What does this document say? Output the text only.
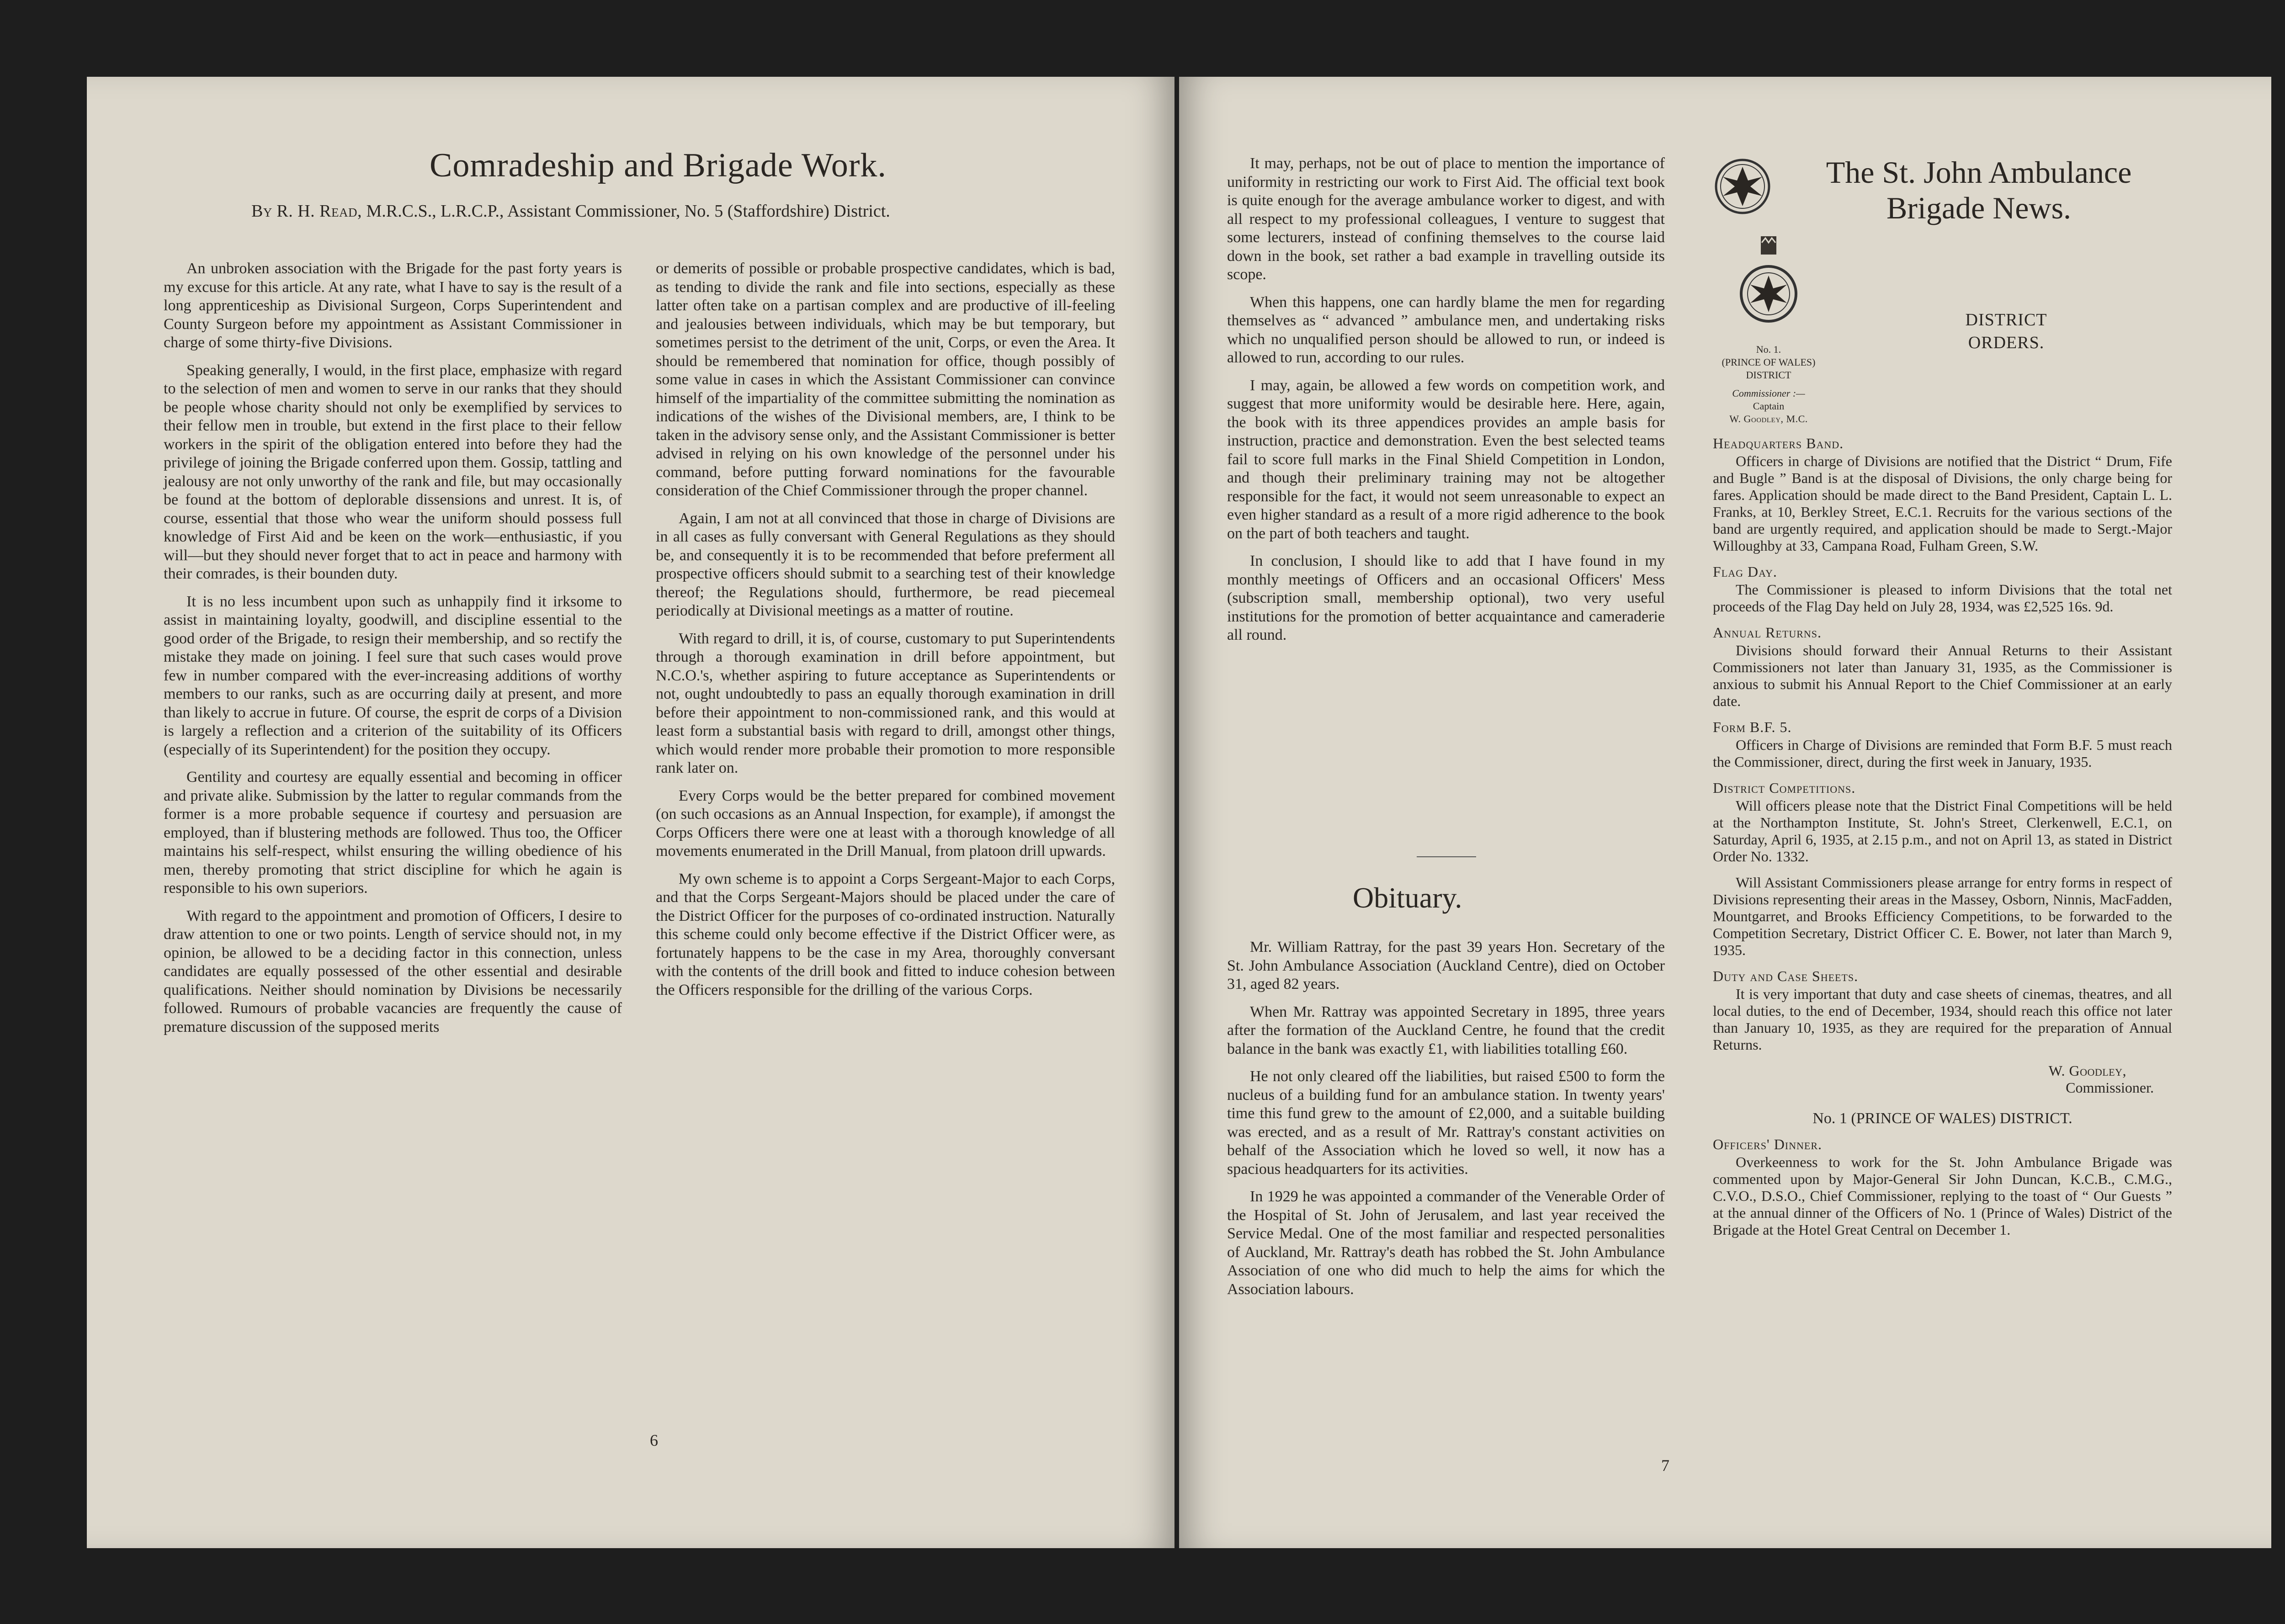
Comradeship and Brigade Work.
By R. H. Read, M.R.C.S., L.R.C.P., Assistant Commissioner, No. 5 (Staffordshire) District.

An unbroken association with the Brigade for the past forty years is my excuse for this article. At any rate, what I have to say is the result of a long apprenticeship as Divisional Surgeon, Corps Superintendent and County Surgeon before my appointment as Assistant Commissioner in charge of some thirty-five Divisions.

Speaking generally, I would, in the first place, emphasize with regard to the selection of men and women to serve in our ranks that they should be people whose charity should not only be exemplified by services to their fellow men in trouble, but extend in the first place to their fellow workers in the spirit of the obligation entered into before they had the privilege of joining the Brigade conferred upon them. Gossip, tattling and jealousy are not only unworthy of the rank and file, but may occasionally be found at the bottom of deplorable dissensions and unrest. It is, of course, essential that those who wear the uniform should possess full knowledge of First Aid and be keen on the work—enthusiastic, if you will—but they should never forget that to act in peace and harmony with their comrades, is their bounden duty.

It is no less incumbent upon such as unhappily find it irksome to assist in maintaining loyalty, goodwill, and discipline essential to the good order of the Brigade, to resign their membership, and so rectify the mistake they made on joining. I feel sure that such cases would prove few in number compared with the ever-increasing additions of worthy members to our ranks, such as are occurring daily at present, and more than likely to accrue in future. Of course, the esprit de corps of a Division is largely a reflection and a criterion of the suitability of its Officers (especially of its Superintendent) for the position they occupy.

Gentility and courtesy are equally essential and becoming in officer and private alike. Submission by the latter to regular commands from the former is a more probable sequence if courtesy and persuasion are employed, than if blustering methods are followed. Thus too, the Officer maintains his self-respect, whilst ensuring the willing obedience of his men, thereby promoting that strict discipline for which he again is responsible to his own superiors.

With regard to the appointment and promotion of Officers, I desire to draw attention to one or two points. Length of service should not, in my opinion, be allowed to be a deciding factor in this connection, unless candidates are equally possessed of the other essential and desirable qualifications. Neither should nomination by Divisions be necessarily followed. Rumours of probable vacancies are frequently the cause of premature discussion of the supposed merits

or demerits of possible or probable prospective candidates, which is bad, as tending to divide the rank and file into sections, especially as these latter often take on a partisan complex and are productive of ill-feeling and jealousies between individuals, which may be but temporary, but sometimes persist to the detriment of the unit, Corps, or even the Area. It should be remembered that nomination for office, though possibly of some value in cases in which the Assistant Commissioner can convince himself of the impartiality of the committee submitting the nomination as indications of the wishes of the Divisional members, are, I think to be taken in the advisory sense only, and the Assistant Commissioner is better advised in relying on his own knowledge of the personnel under his command, before putting forward nominations for the favourable consideration of the Chief Commissioner through the proper channel.

Again, I am not at all convinced that those in charge of Divisions are in all cases as fully conversant with General Regulations as they should be, and consequently it is to be recommended that before preferment all prospective officers should submit to a searching test of their knowledge thereof; the Regulations should, furthermore, be read piecemeal periodically at Divisional meetings as a matter of routine.

With regard to drill, it is, of course, customary to put Superintendents through a thorough examination in drill before appointment, but N.C.O.'s, whether aspiring to future acceptance as Superintendents or not, ought undoubtedly to pass an equally thorough examination in drill before their appointment to non-commissioned rank, and this would at least form a substantial basis with regard to drill, amongst other things, which would render more probable their promotion to more responsible rank later on.

Every Corps would be the better prepared for combined movement (on such occasions as an Annual Inspection, for example), if amongst the Corps Officers there were one at least with a thorough knowledge of all movements enumerated in the Drill Manual, from platoon drill upwards.

My own scheme is to appoint a Corps Sergeant-Major to each Corps, and that the Corps Sergeant-Majors should be placed under the care of the District Officer for the purposes of co-ordinated instruction. Naturally this scheme could only become effective if the District Officer were, as fortunately happens to be the case in my Area, thoroughly conversant with the contents of the drill book and fitted to induce cohesion between the Officers responsible for the drilling of the various Corps.

6

It may, perhaps, not be out of place to mention the importance of uniformity in restricting our work to First Aid. The official text book is quite enough for the average ambulance worker to digest, and with all respect to my professional colleagues, I venture to suggest that some lecturers, instead of confining themselves to the course laid down in the book, set rather a bad example in travelling outside its scope.

When this happens, one can hardly blame the men for regarding themselves as “ advanced ” ambulance men, and undertaking risks which no unqualified person should be allowed to run, or indeed is allowed to run, according to our rules.

I may, again, be allowed a few words on competition work, and suggest that more uniformity would be desirable here. Here, again, the book with its three appendices provides an ample basis for instruction, practice and demonstration. Even the best selected teams fail to score full marks in the Final Shield Competition in London, and though their preliminary training may not be altogether responsible for the fact, it would not seem unreasonable to expect an even higher standard as a result of a more rigid adherence to the book on the part of both teachers and taught.

In conclusion, I should like to add that I have found in my monthly meetings of Officers and an occasional Officers' Mess (subscription small, membership optional), two very useful institutions for the promotion of better acquaintance and cameraderie all round.

Obituary.

Mr. William Rattray, for the past 39 years Hon. Secretary of the St. John Ambulance Association (Auckland Centre), died on October 31, aged 82 years.

When Mr. Rattray was appointed Secretary in 1895, three years after the formation of the Auckland Centre, he found that the credit balance in the bank was exactly £1, with liabilities totalling £60.

He not only cleared off the liabilities, but raised £500 to form the nucleus of a building fund for an ambulance station. In twenty years' time this fund grew to the amount of £2,000, and a suitable building was erected, and as a result of Mr. Rattray's constant activities on behalf of the Association which he loved so well, it now has a spacious headquarters for its activities.

In 1929 he was appointed a commander of the Venerable Order of the Hospital of St. John of Jerusalem, and last year received the Service Medal. One of the most familiar and respected personalities of Auckland, Mr. Rattray's death has robbed the St. John Ambulance Association of one who did much to help the aims for which the Association labours.

7
The St. John Ambulance
Brigade News.
No. 1.
(PRINCE OF WALES)
DISTRICT
Commissioner :—
Captain
W. Goodley, M.C.
DISTRICT
ORDERS.

Headquarters Band.

Officers in charge of Divisions are notified that the District “ Drum, Fife and Bugle ” Band is at the disposal of Divisions, the only charge being for fares. Application should be made direct to the Band President, Captain L. L. Franks, at 10, Berkley Street, E.C.1. Recruits for the various sections of the band are urgently required, and application should be made to Sergt.-Major Willoughby at 33, Campana Road, Fulham Green, S.W.

Flag Day.

The Commissioner is pleased to inform Divisions that the total net proceeds of the Flag Day held on July 28, 1934, was £2,525 16s. 9d.

Annual Returns.

Divisions should forward their Annual Returns to their Assistant Commissioners not later than January 31, 1935, as the Commissioner is anxious to submit his Annual Report to the Chief Commissioner at an early date.

Form B.F. 5.

Officers in Charge of Divisions are reminded that Form B.F. 5 must reach the Commissioner, direct, during the first week in January, 1935.

District Competitions.

Will officers please note that the District Final Competitions will be held at the Northampton Institute, St. John's Street, Clerkenwell, E.C.1, on Saturday, April 6, 1935, at 2.15 p.m., and not on April 13, as stated in District Order No. 1332.

Will Assistant Commissioners please arrange for entry forms in respect of Divisions representing their areas in the Massey, Osborn, Ninnis, MacFadden, Mountgarret, and Brooks Efficiency Competitions, to be forwarded to the Competition Secretary, District Officer C. E. Bower, not later than March 9, 1935.

Duty and Case Sheets.

It is very important that duty and case sheets of cinemas, theatres, and all local duties, to the end of December, 1934, should reach this office not later than January 10, 1935, as they are required for the preparation of Annual Returns.

W. Goodley,
Commissioner.

No. 1 (PRINCE OF WALES) DISTRICT.

Officers' Dinner.

Overkeenness to work for the St. John Ambulance Brigade was commented upon by Major-General Sir John Duncan, K.C.B., C.M.G., C.V.O., D.S.O., Chief Commissioner, replying to the toast of “ Our Guests ” at the annual dinner of the Officers of No. 1 (Prince of Wales) District of the Brigade at the Hotel Great Central on December 1.
